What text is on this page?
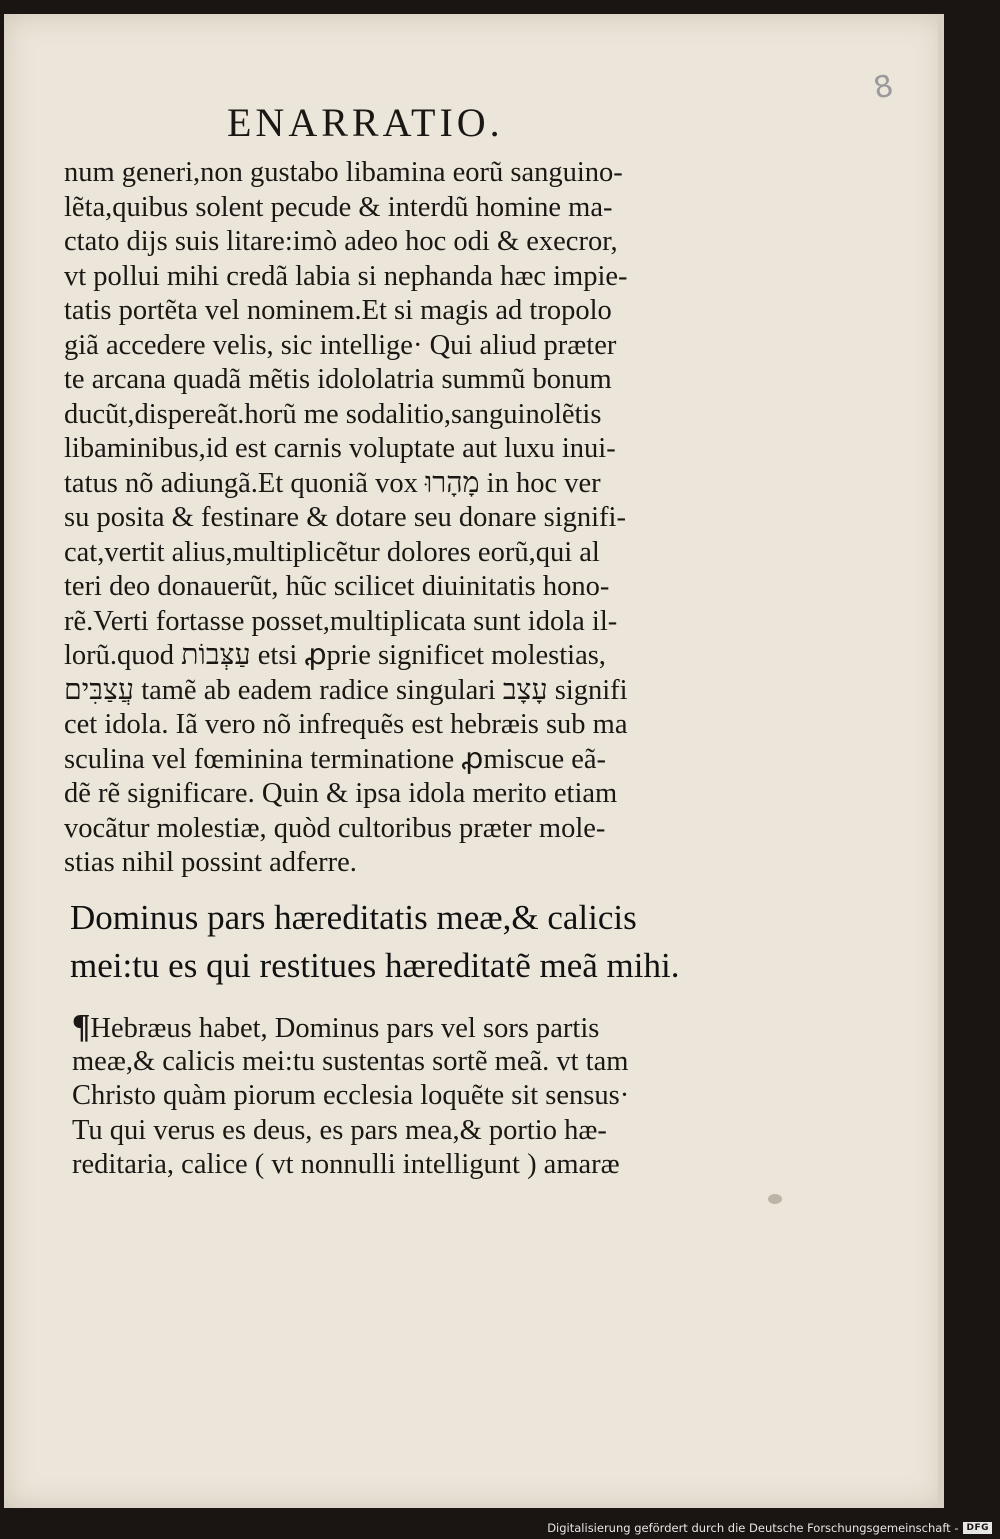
8
ENARRATIO.
num generi,non gustabo libamina eorũ sanguino-
lẽta,quibus solent pecude & interdũ homine ma-
ctato dijs suis litare:imò adeo hoc odi & execror,
vt pollui mihi credã labia si nephanda hæc impie-
tatis portẽta vel nominem.Et si magis ad tropolo
giã accedere velis, sic intellige· Qui aliud præter
te arcana quadã mẽtis idololatria summũ bonum
ducũt,dispereãt.horũ me sodalitio,sanguinolẽtis
libaminibus,id est carnis voluptate aut luxu inui-
tatus nõ adiungã.Et quoniã vox מָהָרוּ in hoc ver
su posita & festinare & dotare seu donare signifi-
cat,vertit alius,multiplicẽtur dolores eorũ,qui al
teri deo donauerũt, hũc scilicet diuinitatis hono-
rẽ.Verti fortasse posset,multiplicata sunt idola il-
lorũ.quod עַצְּבוֹת etsi ꝓprie significet molestias,
עֲצַבִּים tamẽ ab eadem radice singulari עָצָב signifi
cet idola. Iã vero nõ infrequẽs est hebræis sub ma
sculina vel fœminina terminatione ꝓmiscue eã-
dẽ rẽ significare. Quin & ipsa idola merito etiam
vocãtur molestiæ, quòd cultoribus præter mole-
stias nihil possint adferre.
Dominus pars hæreditatis meæ,& calicis
mei:tu es qui restitues hæreditatẽ meã mihi.
¶Hebræus habet, Dominus pars vel sors partis
meæ,& calicis mei:tu sustentas sortẽ meã. vt tam
Christo quàm piorum ecclesia loquẽte sit sensus·
Tu qui verus es deus, es pars mea,& portio hæ-
reditaria, calice ( vt nonnulli intelligunt ) amaræ
Digitalisierung gefördert durch die Deutsche Forschungsgemeinschaft - DFG
